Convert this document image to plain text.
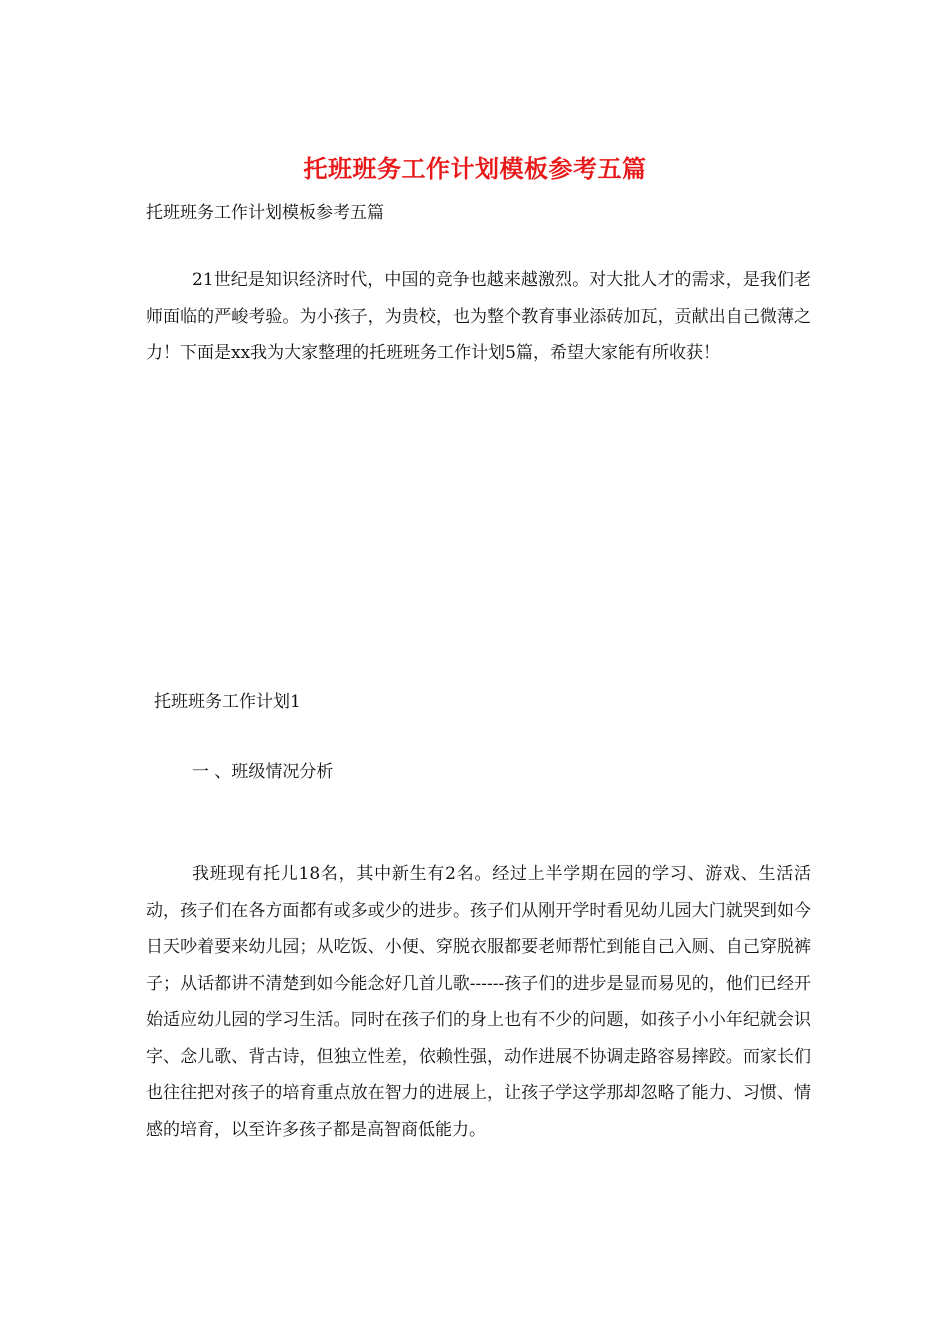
托班班务工作计划模板参考五篇
托班班务工作计划模板参考五篇

21世纪是知识经济时代，中国的竞争也越来越激烈。对大批人才的需求，是我们老师面临的严峻考验。为小孩子，为贵校，也为整个教育事业添砖加瓦，贡献出自己微薄之力！下面是xx我为大家整理的托班班务工作计划5篇，希望大家能有所收获！

托班班务工作计划1
一 、班级情况分析

我班现有托儿18名，其中新生有2名。经过上半学期在园的学习、游戏、生活活动，孩子们在各方面都有或多或少的进步。孩子们从刚开学时看见幼儿园大门就哭到如今日天吵着要来幼儿园；从吃饭、小便、穿脱衣服都要老师帮忙到能自己入厕、自己穿脱裤子；从话都讲不清楚到如今能念好几首儿歌------孩子们的进步是显而易见的，他们已经开始适应幼儿园的学习生活。同时在孩子们的身上也有不少的问题，如孩子小小年纪就会识字、念儿歌、背古诗，但独立性差，依赖性强，动作进展不协调走路容易摔跤。而家长们也往往把对孩子的培育重点放在智力的进展上，让孩子学这学那却忽略了能力、习惯、情感的培育，以至许多孩子都是高智商低能力。
